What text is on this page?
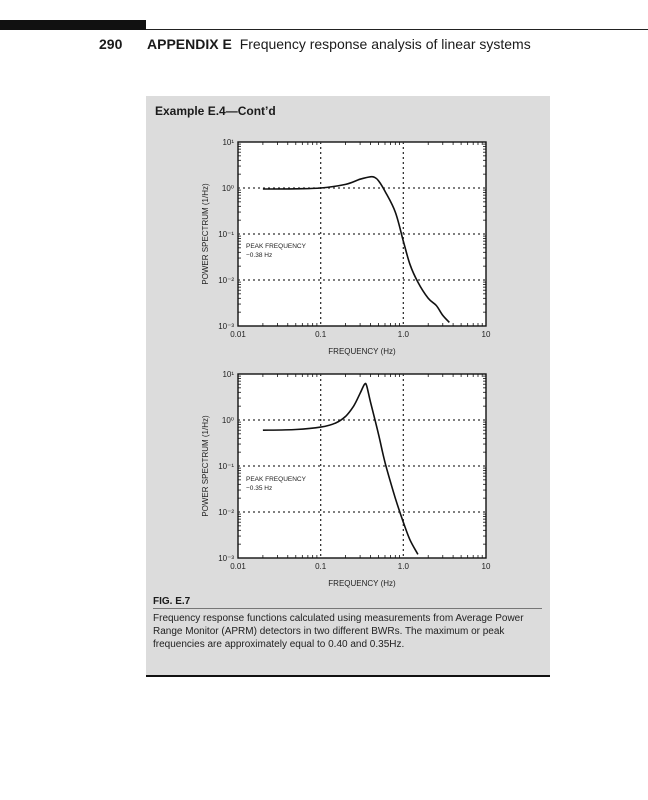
290 APPENDIX E Frequency response analysis of linear systems
Example E.4—Cont’d
0.01	0.1	1.0	10
10⁻³
10⁻²
10⁻¹
10⁰
10¹
FREQUENCY (Hz)
POWER SPECTRUM (1/Hz)	PEAK FREQUENCY
−0.38 Hz
0.01	0.1	1.0	10
10⁻³
10⁻²
10⁻¹
10⁰
10¹
FREQUENCY (Hz)
POWER SPECTRUM (1/Hz)	PEAK FREQUENCY
−0.35 Hz
FIG. E.7
Frequency response functions calculated using measurements from Average Power Range Monitor (APRM) detectors in two different BWRs. The maximum or peak frequencies are approximately equal to 0.40 and 0.35Hz.
